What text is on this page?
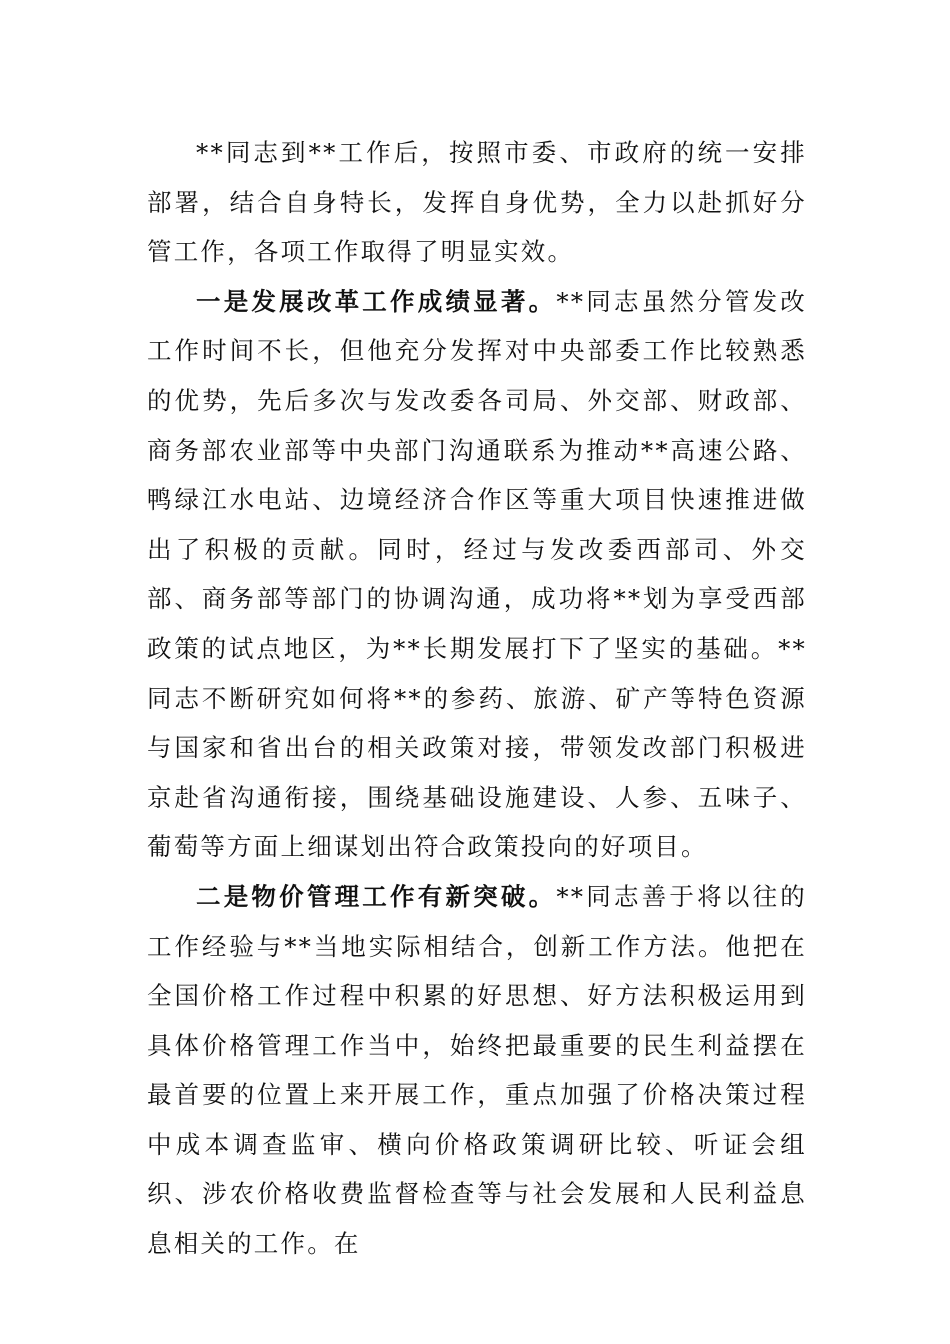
**同志到**工作后，按照市委、市政府的统一安排部署，结合自身特长，发挥自身优势，全力以赴抓好分管工作，各项工作取得了明显实效。

一是发展改革工作成绩显著。**同志虽然分管发改工作时间不长，但他充分发挥对中央部委工作比较熟悉的优势，先后多次与发改委各司局、外交部、财政部、商务部农业部等中央部门沟通联系为推动**高速公路、鸭绿江水电站、边境经济合作区等重大项目快速推进做出了积极的贡献。同时，经过与发改委西部司、外交部、商务部等部门的协调沟通，成功将**划为享受西部政策的试点地区，为**长期发展打下了坚实的基础。**同志不断研究如何将**的参药、旅游、矿产等特色资源与国家和省出台的相关政策对接，带领发改部门积极进京赴省沟通衔接，围绕基础设施建设、人参、五味子、葡萄等方面上细谋划出符合政策投向的好项目。

二是物价管理工作有新突破。**同志善于将以往的工作经验与**当地实际相结合，创新工作方法。他把在全国价格工作过程中积累的好思想、好方法积极运用到具体价格管理工作当中，始终把最重要的民生利益摆在最首要的位置上来开展工作，重点加强了价格决策过程中成本调查监审、横向价格政策调研比较、听证会组织、涉农价格收费监督检查等与社会发展和人民利益息息相关的工作。在
